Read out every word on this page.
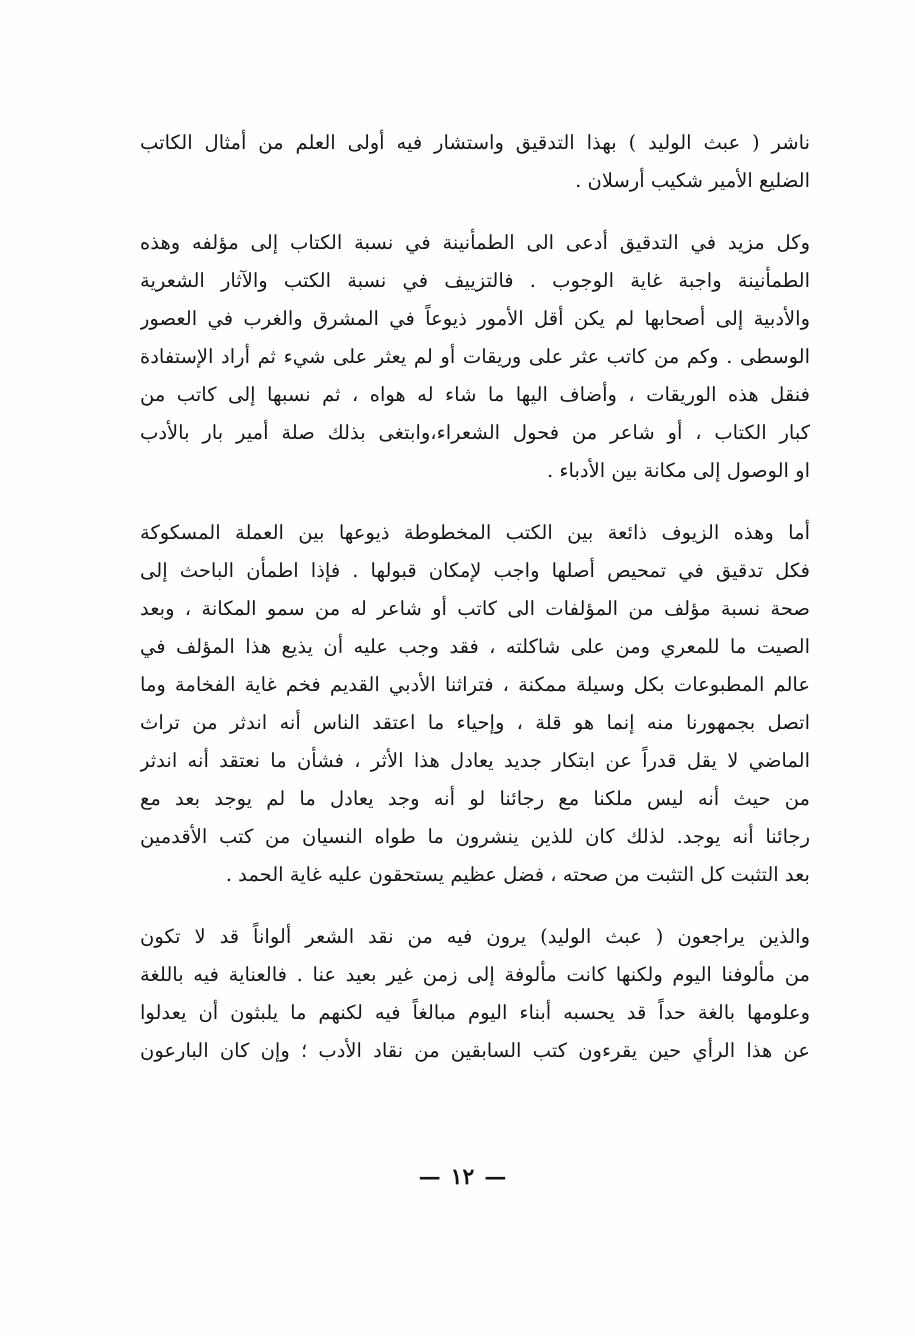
ناشر ( عبث الوليد ) بهذا التدقيق واستشار فيه أولى العلم من أمثال الكاتب

الضليع الأمير شكيب أرسلان .

وكل مزيد في التدقيق أدعى الى الطمأنينة في نسبة الكتاب إلى مؤلفه وهذه

الطمأنينة واجبة غاية الوجوب . فالتزييف في نسبة الكتب والآثار الشعرية

والأدبية إلى أصحابها لم يكن أقل الأمور ذيوعاً في المشرق والغرب في العصور

الوسطى . وكم من كاتب عثر على وريقات أو لم يعثر على شيء ثم أراد الإستفادة

فنقل هذه الوريقات ، وأضاف اليها ما شاء له هواه ، ثم نسبها إلى كاتب من

كبار الكتاب ، أو شاعر من فحول الشعراء،وابتغى بذلك صلة أمير بار بالأدب

او الوصول إلى مكانة بين الأدباء .

أما وهذه الزيوف ذائعة بين الكتب المخطوطة ذيوعها بين العملة المسكوكة

فكل تدقيق في تمحيص أصلها واجب لإمكان قبولها . فإذا اطمأن الباحث إلى

صحة نسبة مؤلف من المؤلفات الى كاتب أو شاعر له من سمو المكانة ، وبعد

الصيت ما للمعري ومن على شاكلته ، فقد وجب عليه أن يذيع هذا المؤلف في

عالم المطبوعات بكل وسيلة ممكنة ، فتراثنا الأدبي القديم فخم غاية الفخامة وما

اتصل بجمهورنا منه إنما هو قلة ، وإحياء ما اعتقد الناس أنه اندثر من تراث

الماضي لا يقل قدراً عن ابتكار جديد يعادل هذا الأثر ، فشأن ما نعتقد أنه اندثر

من حيث أنه ليس ملكنا مع رجائنا لو أنه وجد يعادل ما لم يوجد بعد مع

رجائنا أنه يوجد. لذلك كان للذين ينشرون ما طواه النسيان من كتب الأقدمين

بعد التثبت كل التثبت من صحته ، فضل عظيم يستحقون عليه غاية الحمد .

والذين يراجعون ( عبث الوليد) يرون فيه من نقد الشعر ألواناً قد لا تكون

من مألوفنا اليوم ولكنها كانت مألوفة إلى زمن غير بعيد عنا . فالعناية فيه باللغة

وعلومها بالغة حداً قد يحسبه أبناء اليوم مبالغاً فيه لكنهم ما يلبثون أن يعدلوا

عن هذا الرأي حين يقرءون كتب السابقين من نقاد الأدب ؛ وإن كان البارعون

—١٢—
